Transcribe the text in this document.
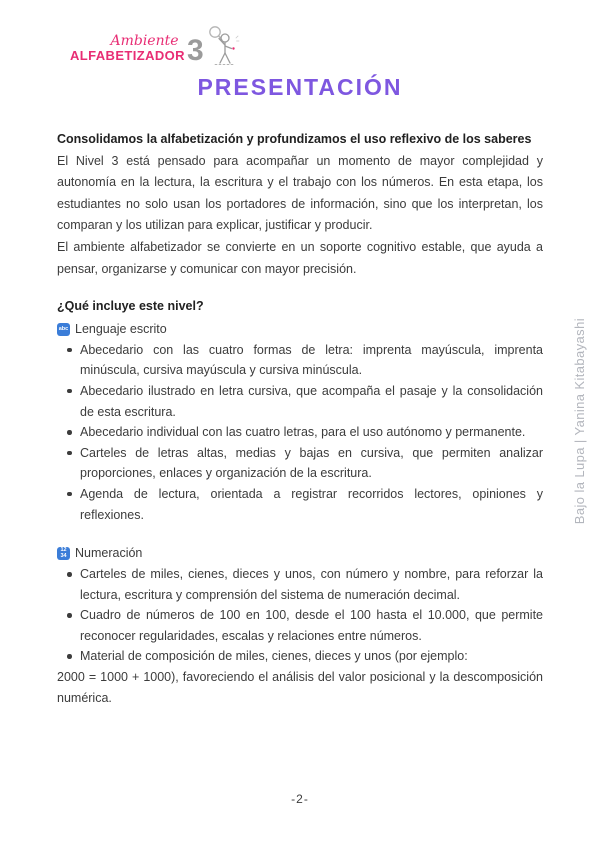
Ambiente
ALFABETIZADOR 3
PRESENTACIÓN

Consolidamos la alfabetización y profundizamos el uso reflexivo de los saberes

El Nivel 3 está pensado para acompañar un momento de mayor complejidad y autonomía en la lectura, la escritura y el trabajo con los números. En esta etapa, los estudiantes no solo usan los portadores de información, sino que los interpretan, los comparan y los utilizan para explicar, justificar y producir.

El ambiente alfabetizador se convierte en un soporte cognitivo estable, que ayuda a pensar, organizarse y comunicar con mayor precisión.

¿Qué incluye este nivel?

abc Lenguaje escrito
Abecedario con las cuatro formas de letra: imprenta mayúscula, imprenta minúscula, cursiva mayúscula y cursiva minúscula.
Abecedario ilustrado en letra cursiva, que acompaña el pasaje y la consolidación de esta escritura.
Abecedario individual con las cuatro letras, para el uso autónomo y permanente.
Carteles de letras altas, medias y bajas en cursiva, que permiten analizar proporciones, enlaces y organización de la escritura.
Agenda de lectura, orientada a registrar recorridos lectores, opiniones y reflexiones.
12
34 Numeración
Carteles de miles, cienes, dieces y unos, con número y nombre, para reforzar la lectura, escritura y comprensión del sistema de numeración decimal.
Cuadro de números de 100 en 100, desde el 100 hasta el 10.000, que permite reconocer regularidades, escalas y relaciones entre números.
Material de composición de miles, cienes, dieces y unos (por ejemplo:

2000 = 1000 + 1000), favoreciendo el análisis del valor posicional y la descomposición numérica.

Bajo la Lupa | Yanina Kitabayashi
-2-
